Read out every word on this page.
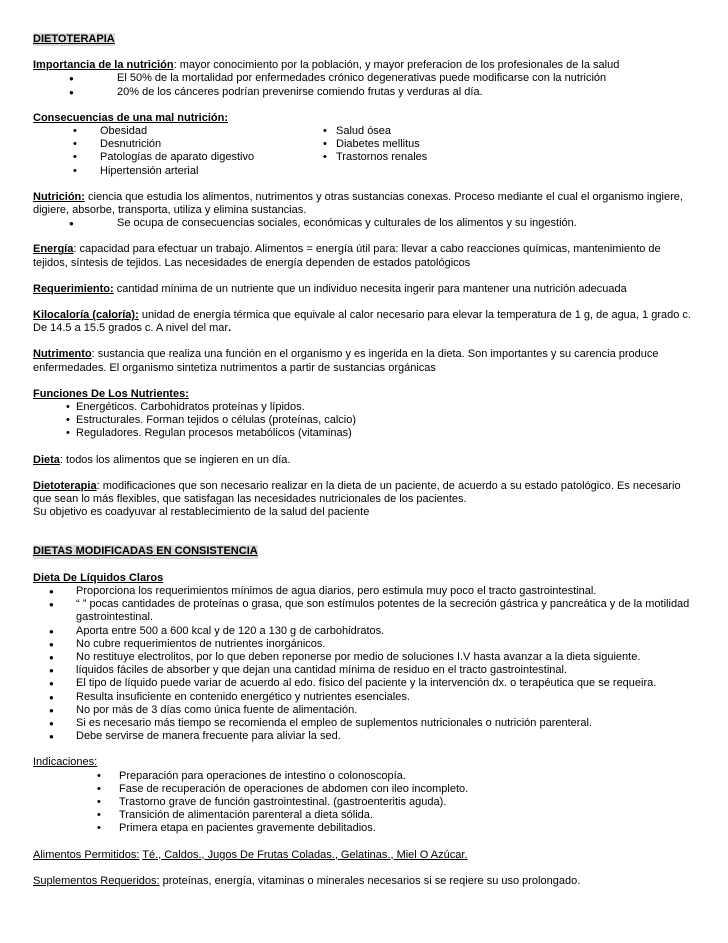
DIETOTERAPIA

Importancia de la nutrición: mayor conocimiento por la población, y mayor preferacion de los profesionales de la salud

● El 50% de la mortalidad por enfermedades crónico degenerativas puede modificarse con la nutrición
● 20% de los cánceres podrían prevenirse comiendo frutas y verduras al día.

Consecuencias de una mal nutrición:

• Obesidad
• Desnutrición
• Patologías de aparato digestivo
• Hipertensión arterial
• Salud ósea
• Diabetes mellitus
• Trastornos renales

Nutrición: ciencia que estudia los alimentos, nutrimentos y otras sustancias conexas. Proceso mediante el cual el organismo ingiere, digiere, absorbe, transporta, utiliza y elimina sustancias.

● Se ocupa de consecuencias sociales, económicas y culturales de los alimentos y su ingestión.

Energía: capacidad para efectuar un trabajo. Alimentos = energía útil para: llevar a cabo reacciones químicas, mantenimiento de tejidos, síntesis de tejidos. Las necesidades de energía dependen de estados patológicos

Requerimiento: cantidad mínima de un nutriente que un individuo necesita ingerir para mantener una nutrición adecuada

Kilocaloría (caloría): unidad de energía térmica que equivale al calor necesario para elevar la temperatura de 1 g, de agua, 1 grado c. De 14.5 a 15.5 grados c. A nivel del mar.

Nutrimento: sustancia que realiza una función en el organismo y es ingerida en la dieta. Son importantes y su carencia produce enfermedades. El organismo sintetiza nutrimentos a partir de sustancias orgánicas

Funciones De Los Nutrientes:

• Energéticos. Carbohidratos proteínas y lípidos.
• Estructurales. Forman tejidos o células (proteínas, calcio)
• Reguladores. Regulan procesos metabólicos (vitaminas)

Dieta: todos los alimentos que se ingieren en un día.

Dietoterapia: modificaciones que son necesario realizar en la dieta de un paciente, de acuerdo a su estado patológico. Es necesario que sean lo más flexibles, que satisfagan las necesidades nutricionales de los pacientes.

Su objetivo es coadyuvar al restablecimiento de la salud del paciente

DIETAS MODIFICADAS EN CONSISTENCIA

Dieta De Líquidos Claros

● Proporciona los requerimientos mínimos de agua diarios, pero estimula muy poco el tracto gastrointestinal.
● “ ” pocas cantidades de proteínas o grasa, que son estímulos potentes de la secreción gástrica y pancreática y de la motilidad gastrointestinal.
● Aporta entre 500 a 600 kcal y de 120 a 130 g de carbohidratos.
● No cubre requerimientos de nutrientes inorgánicos.
● No restituye electrolitos, por lo que deben reponerse por medio de soluciones I.V hasta avanzar a la dieta siguiente.
● líquidos fáciles de absorber y que dejan una cantidad mínima de residuo en el tracto gastrointestinal.
● El tipo de líquido puede variar de acuerdo al edo. físico del paciente y la intervención dx. o terapéutica que se requeira.
● Resulta insuficiente en contenido energético y nutrientes esenciales.
● No por más de 3 días como única fuente de alimentación.
● Si es necesario más tiempo se recomienda el empleo de suplementos nutricionales o nutrición parenteral.
● Debe servirse de manera frecuente para aliviar la sed.

Indicaciones:

• Preparación para operaciones de intestino o colonoscopía.
• Fase de recuperación de operaciones de abdomen con ileo incompleto.
• Trastorno grave de función gastrointestinal. (gastroenteritis aguda).
• Transición de alimentación parenteral a dieta sólida.
• Primera etapa en pacientes gravemente debilitadios.

Alimentos Permitidos: Té., Caldos., Jugos De Frutas Coladas., Gelatinas., Miel O Azúcar.

Suplementos Requeridos: proteínas, energía, vitaminas o minerales necesarios si se reqiere su uso prolongado.
